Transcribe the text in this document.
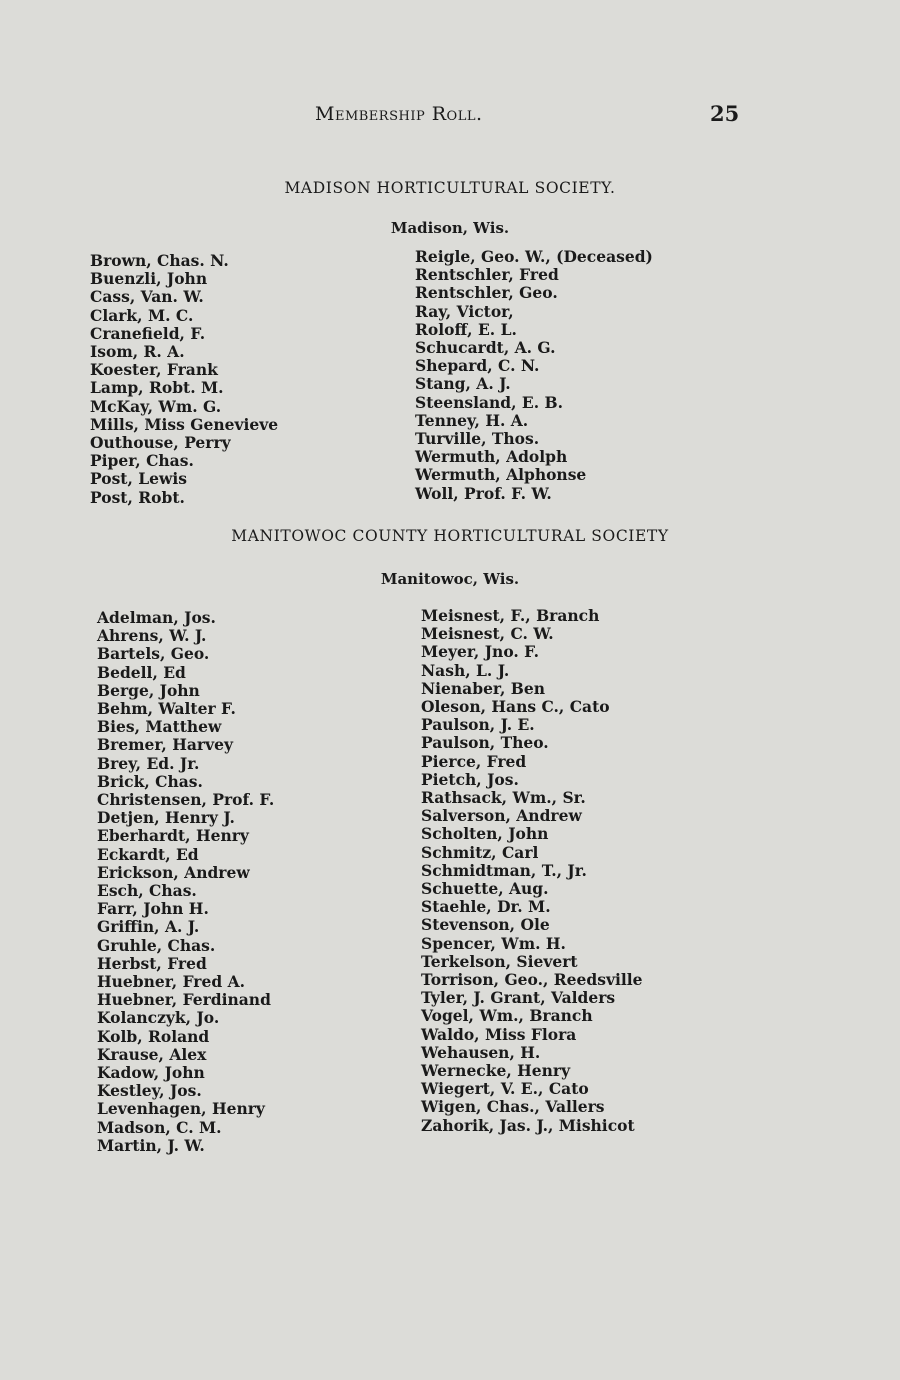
Membership Roll.	25
MADISON HORTICULTURAL SOCIETY.
Madison, Wis.
Brown, Chas. N.
Buenzli, John
Cass, Van. W.
Clark, M. C.
Cranefield, F.
Isom, R. A.
Koester, Frank
Lamp, Robt. M.
McKay, Wm. G.
Mills, Miss Genevieve
Outhouse, Perry
Piper, Chas.
Post, Lewis
Post, Robt.
Reigle, Geo. W., (Deceased)
Rentschler, Fred
Rentschler, Geo.
Ray, Victor,
Roloff, E. L.
Schucardt, A. G.
Shepard, C. N.
Stang, A. J.
Steensland, E. B.
Tenney, H. A.
Turville, Thos.
Wermuth, Adolph
Wermuth, Alphonse
Woll, Prof. F. W.
MANITOWOC COUNTY HORTICULTURAL SOCIETY
Manitowoc, Wis.
Adelman, Jos.
Ahrens, W. J.
Bartels, Geo.
Bedell, Ed
Berge, John
Behm, Walter F.
Bies, Matthew
Bremer, Harvey
Brey, Ed. Jr.
Brick, Chas.
Christensen, Prof. F.
Detjen, Henry J.
Eberhardt, Henry
Eckardt, Ed
Erickson, Andrew
Esch, Chas.
Farr, John H.
Griffin, A. J.
Gruhle, Chas.
Herbst, Fred
Huebner, Fred A.
Huebner, Ferdinand
Kolanczyk, Jo.
Kolb, Roland
Krause, Alex
Kadow, John
Kestley, Jos.
Levenhagen, Henry
Madson, C. M.
Martin, J. W.
Meisnest, F., Branch
Meisnest, C. W.
Meyer, Jno. F.
Nash, L. J.
Nienaber, Ben
Oleson, Hans C., Cato
Paulson, J. E.
Paulson, Theo.
Pierce, Fred
Pietch, Jos.
Rathsack, Wm., Sr.
Salverson, Andrew
Scholten, John
Schmitz, Carl
Schmidtman, T., Jr.
Schuette, Aug.
Staehle, Dr. M.
Stevenson, Ole
Spencer, Wm. H.
Terkelson, Sievert
Torrison, Geo., Reedsville
Tyler, J. Grant, Valders
Vogel, Wm., Branch
Waldo, Miss Flora
Wehausen, H.
Wernecke, Henry
Wiegert, V. E., Cato
Wigen, Chas., Vallers
Zahorik, Jas. J., Mishicot
